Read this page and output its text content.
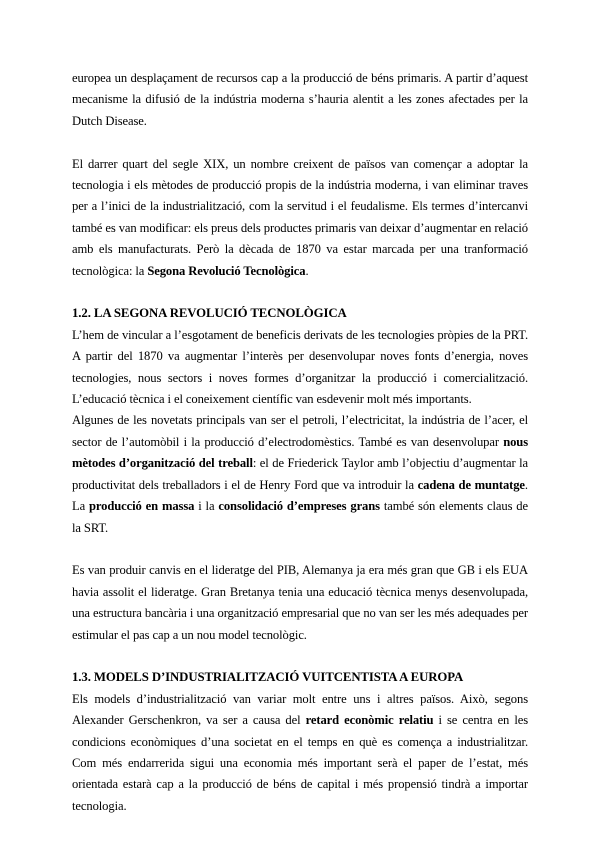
europea un desplaçament de recursos cap a la producció de béns primaris. A partir d’aquest mecanisme la difusió de la indústria moderna s’hauria alentit a les zones afectades per la Dutch Disease.

El darrer quart del segle XIX, un nombre creixent de països van començar a adoptar la tecnologia i els mètodes de producció propis de la indústria moderna, i van eliminar traves per a l’inici de la industrialització, com la servitud i el feudalisme. Els termes d’intercanvi també es van modificar: els preus dels productes primaris van deixar d’augmentar en relació amb els manufacturats. Però la dècada de 1870 va estar marcada per una tranformació tecnològica: la Segona Revolució Tecnològica.

1.2. LA SEGONA REVOLUCIÓ TECNOLÒGICA

L’hem de vincular a l’esgotament de beneficis derivats de les tecnologies pròpies de la PRT. A partir del 1870 va augmentar l’interès per desenvolupar noves fonts d’energia, noves tecnologies, nous sectors i noves formes d’organitzar la producció i comercialització. L’educació tècnica i el coneixement científic van esdevenir molt més importants.

Algunes de les novetats principals van ser el petroli, l’electricitat, la indústria de l’acer, el sector de l’automòbil i la producció d’electrodomèstics. També es van desenvolupar nous mètodes d’organització del treball: el de Friederick Taylor amb l’objectiu d’augmentar la productivitat dels treballadors i el de Henry Ford que va introduir la cadena de muntatge. La producció en massa i la consolidació d’empreses grans també són elements claus de la SRT.

Es van produir canvis en el lideratge del PIB, Alemanya ja era més gran que GB i els EUA havia assolit el lideratge. Gran Bretanya tenia una educació tècnica menys desenvolupada, una estructura bancària i una organització empresarial que no van ser les més adequades per estimular el pas cap a un nou model tecnològic.

1.3. MODELS D’INDUSTRIALITZACIÓ VUITCENTISTA A EUROPA

Els models d’industrialització van variar molt entre uns i altres països. Això, segons Alexander Gerschenkron, va ser a causa del retard econòmic relatiu i se centra en les condicions econòmiques d’una societat en el temps en què es comença a industrialitzar. Com més endarrerida sigui una economia més important serà el paper de l’estat, més orientada estarà cap a la producció de béns de capital i més propensió tindrà a importar tecnologia.
